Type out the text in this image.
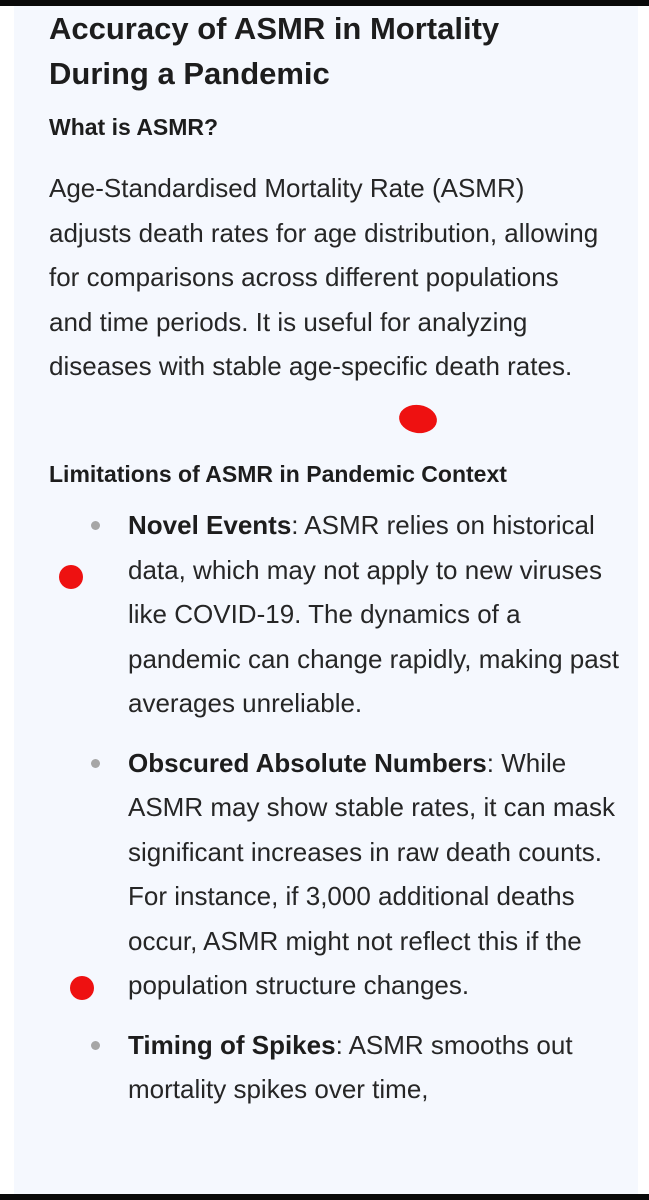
Accuracy of ASMR in Mortality
During a Pandemic
What is ASMR?

Age-Standardised Mortality Rate (ASMR) adjusts death rates for age distribution, allowing for comparisons across different populations and time periods. It is useful for analyzing diseases with stable age-specific death rates.

Limitations of ASMR in Pandemic Context
Novel Events: ASMR relies on historical data, which may not apply to new viruses like COVID-19. The dynamics of a pandemic can change rapidly, making past averages unreliable.
Obscured Absolute Numbers: While ASMR may show stable rates, it can mask significant increases in raw death counts. For instance, if 3,000 additional deaths occur, ASMR might not reflect this if the population structure changes.
Timing of Spikes: ASMR smooths out mortality spikes over time,
